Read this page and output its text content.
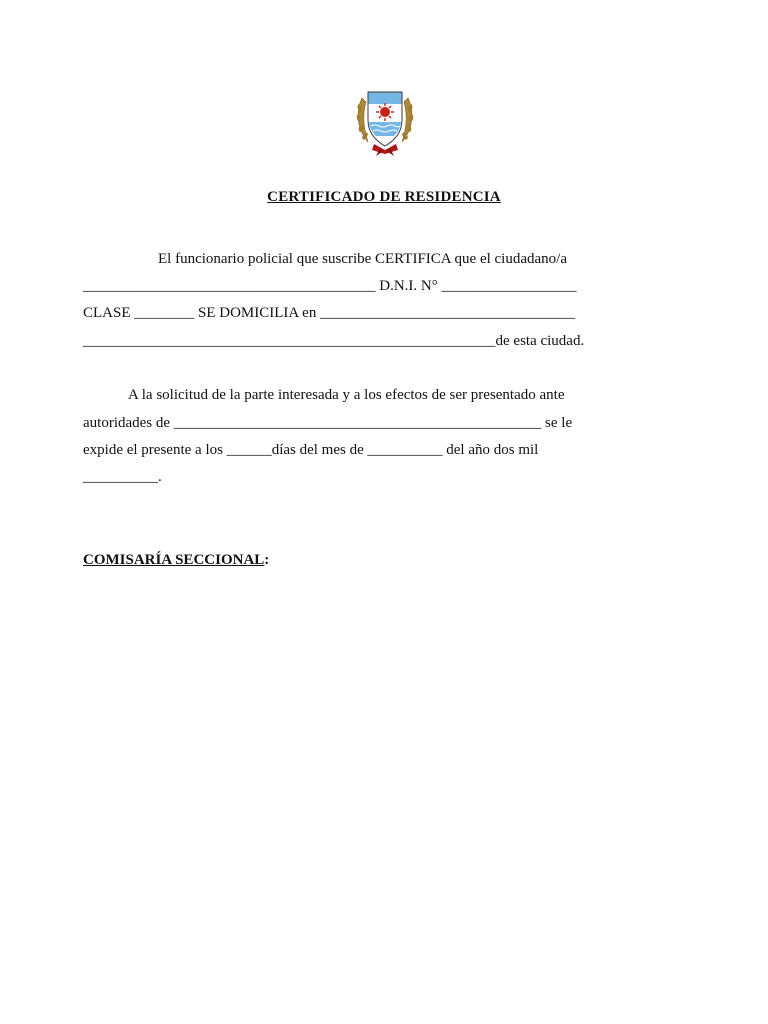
CERTIFICADO DE RESIDENCIA
El funcionario policial que suscribe CERTIFICA que el ciudadano/a
_______________________________________ D.N.I. N° __________________
CLASE ________ SE DOMICILIA en __________________________________
_______________________________________________________de esta ciudad.
A la solicitud de la parte interesada y a los efectos de ser presentado ante
autoridades de _________________________________________________ se le
expide el presente a los ______días del mes de __________ del año dos mil
__________.
COMISARÍA SECCIONAL:
